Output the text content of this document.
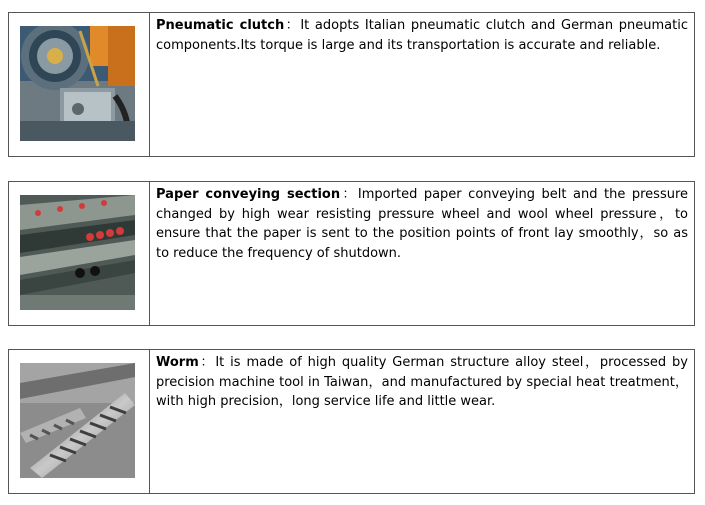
Pneumatic clutch：It adopts Italian pneumatic clutch and German pneumatic components.Its torque is large and its transportation is accurate and reliable.
Paper conveying section：Imported paper conveying belt and the pressure changed by high wear resisting pressure wheel and wool wheel pressure，to ensure that the paper is sent to the position points of front lay smoothly，so as to reduce the frequency of shutdown.
Worm：It is made of high quality German structure alloy steel，processed by precision machine tool in Taiwan，and manufactured by special heat treatment，with high precision，long service life and little wear.
